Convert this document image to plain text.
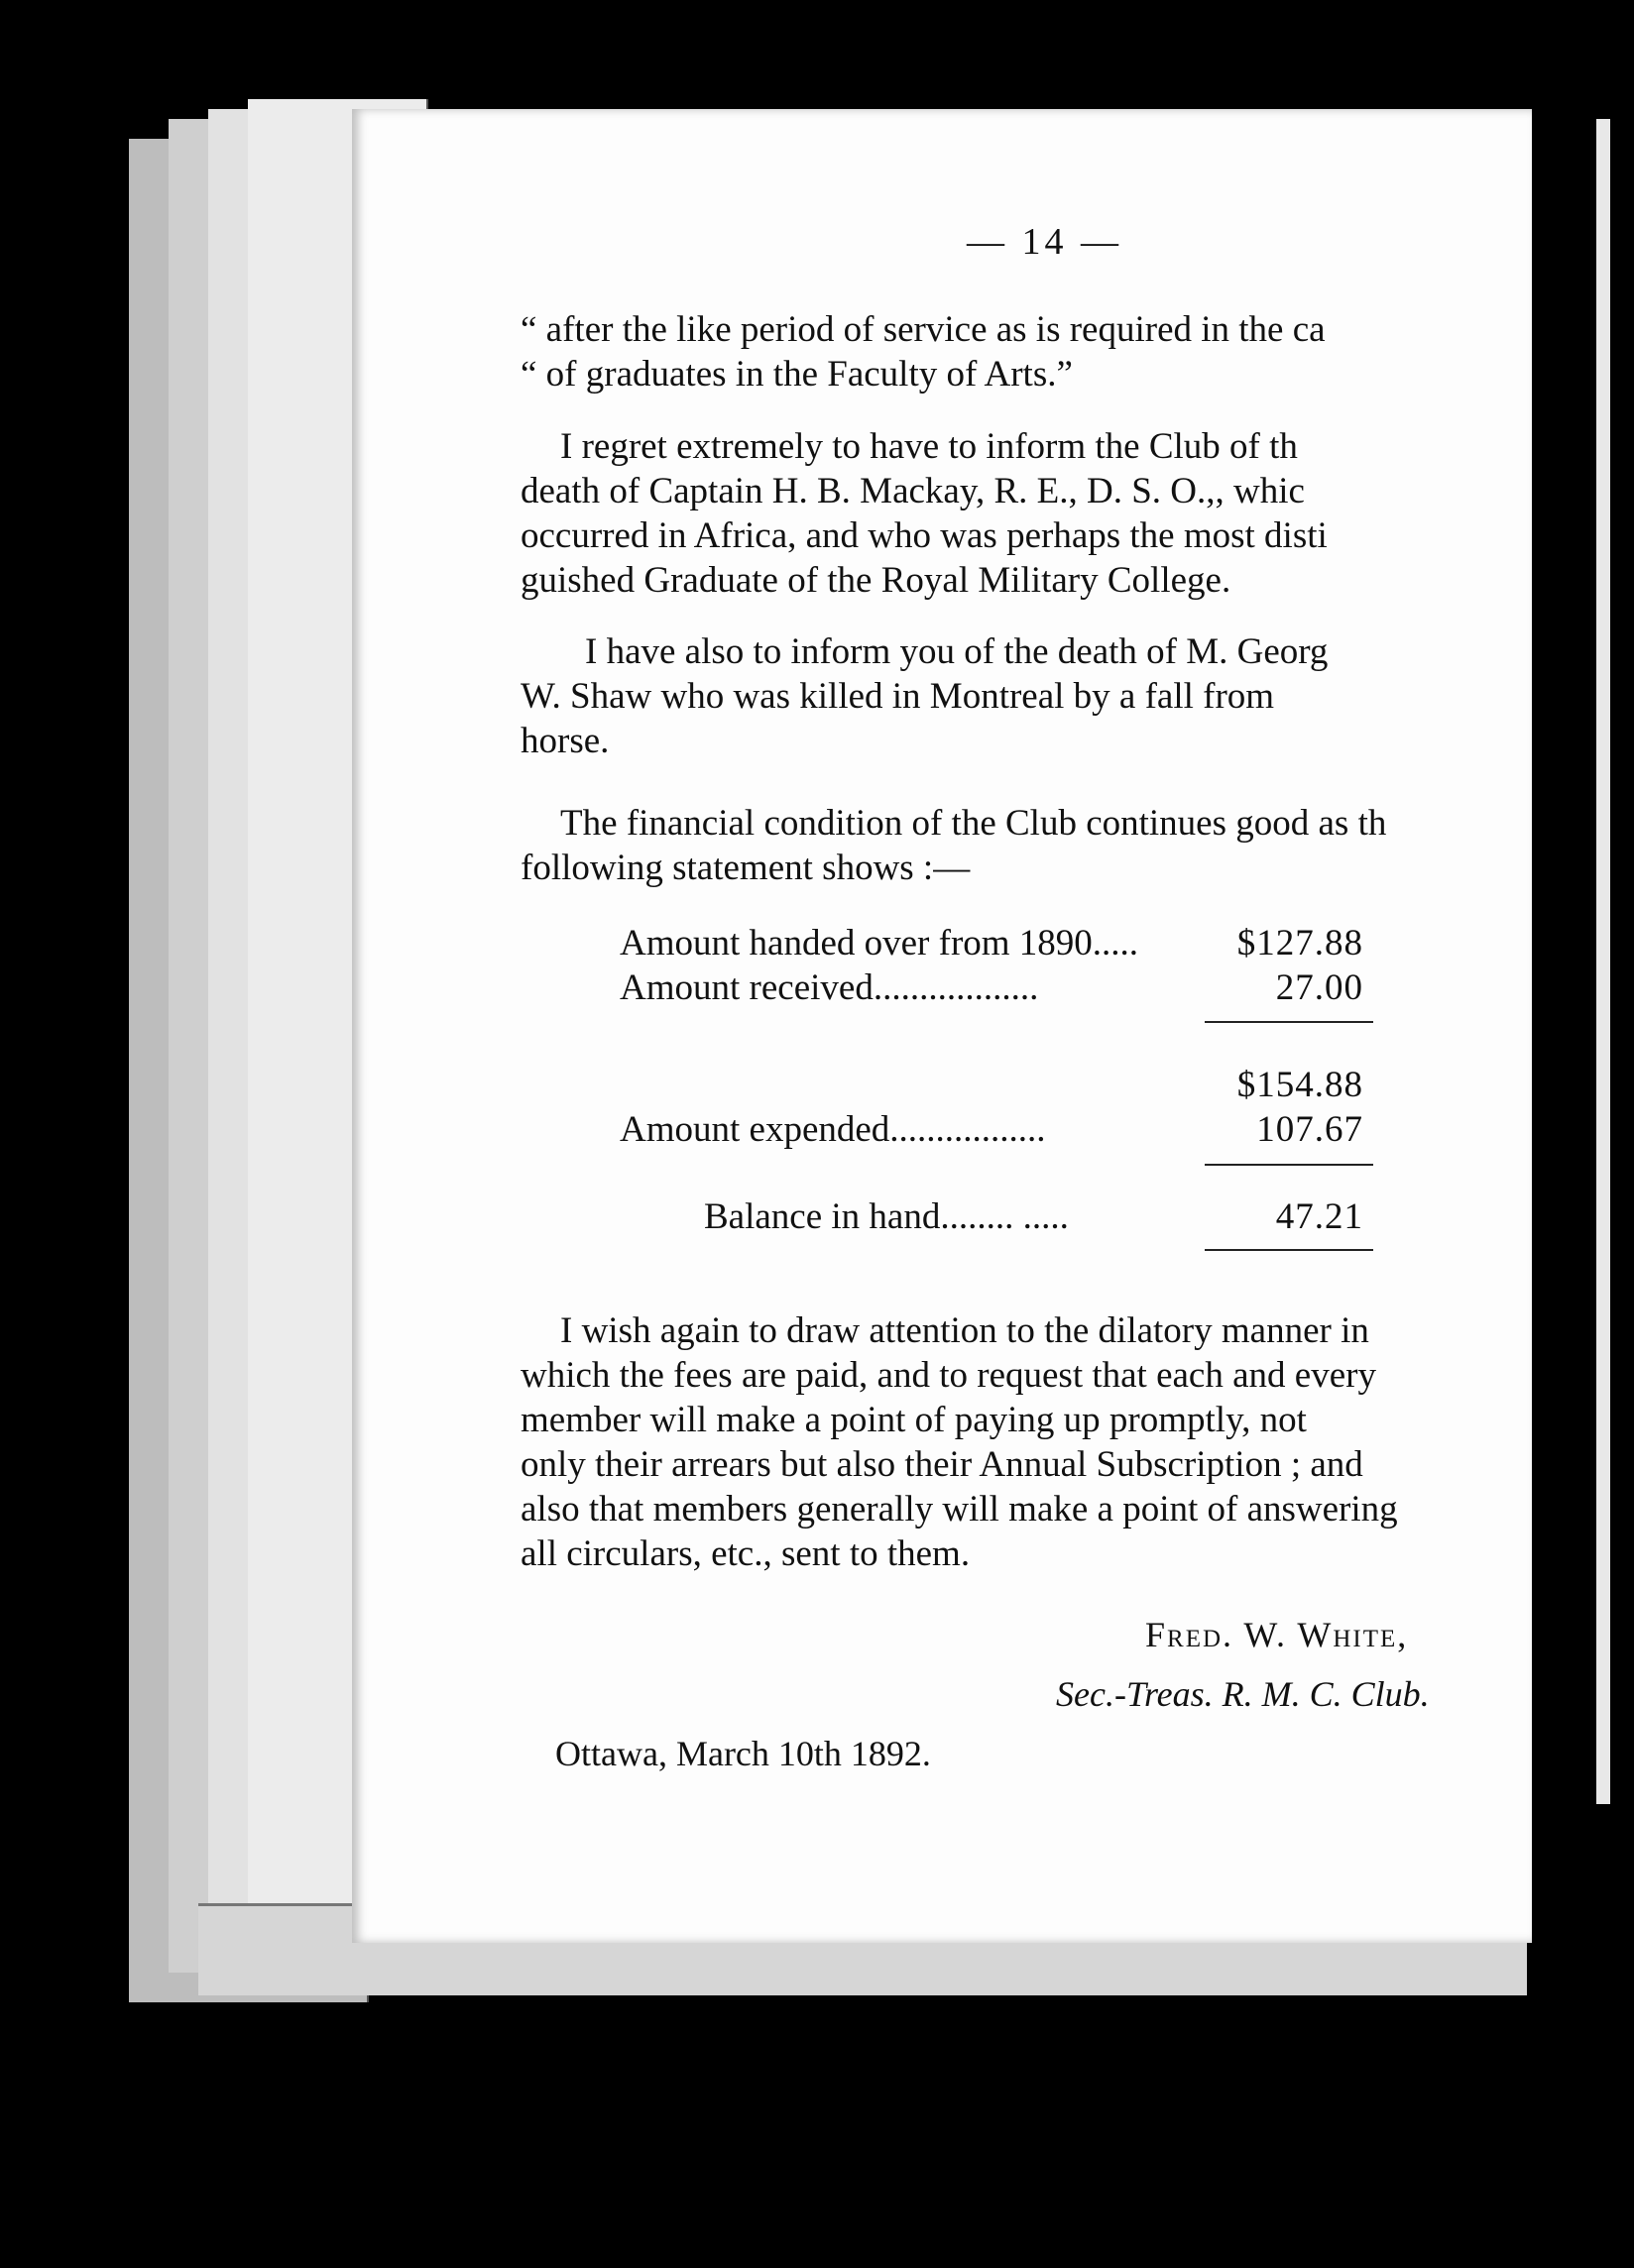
— 14 —
“ after the like period of service as is required in the ca
“ of graduates in the Faculty of Arts.”
I regret extremely to have to inform the Club of th
death of Captain H. B. Mackay, R. E., D. S. O.,, whic
occurred in Africa, and who was perhaps the most disti
guished Graduate of the Royal Military College.
I have also to inform you of the death of M. Georg
W. Shaw who was killed in Montreal by a fall from
horse.
The financial condition of the Club continues good as th
following statement shows :—
Amount handed over from 1890.....	$127.88
Amount received..................	27.00
$154.88
Amount expended.................	107.67
Balance in hand........ .....	47.21
I wish again to draw attention to the dilatory manner in
which the fees are paid, and to request that each and every
member will make a point of paying up promptly, not
only their arrears but also their Annual Subscription ; and
also that members generally will make a point of answering
all circulars, etc., sent to them.
Fred. W. White,
Sec.-Treas. R. M. C. Club.
Ottawa, March 10th 1892.
